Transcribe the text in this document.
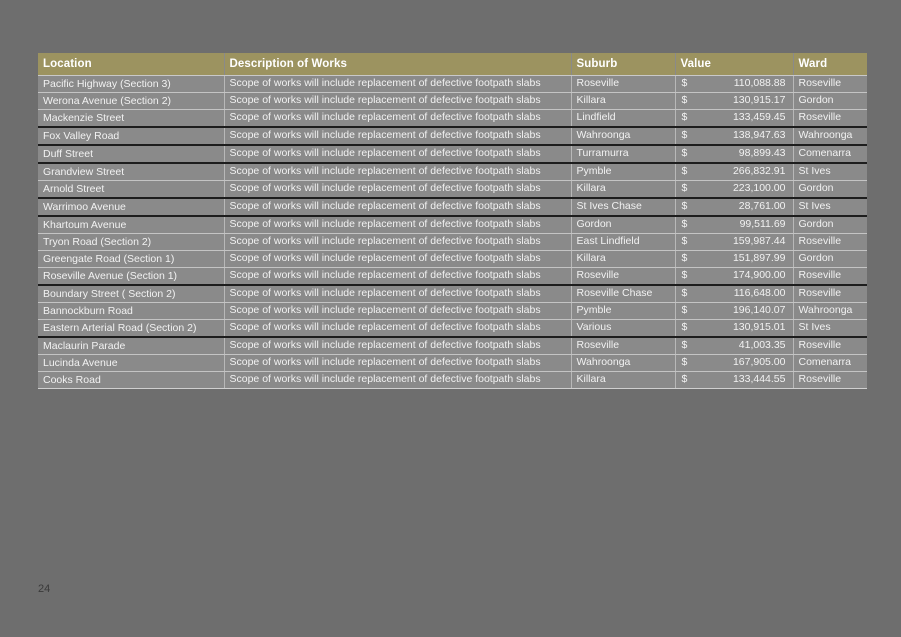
Location	Description of Works	Suburb	Value	Ward
Pacific Highway (Section 3)	Scope of works will include replacement of defective footpath slabs	Roseville	$ 110,088.88	Roseville
Werona Avenue (Section 2)	Scope of works will include replacement of defective footpath slabs	Killara	$ 130,915.17	Gordon
Mackenzie Street	Scope of works will include replacement of defective footpath slabs	Lindfield	$ 133,459.45	Roseville
Fox Valley Road	Scope of works will include replacement of defective footpath slabs	Wahroonga	$ 138,947.63	Wahroonga
Duff Street	Scope of works will include replacement of defective footpath slabs	Turramurra	$ 98,899.43	Comenarra
Grandview Street	Scope of works will include replacement of defective footpath slabs	Pymble	$ 266,832.91	St Ives
Arnold Street	Scope of works will include replacement of defective footpath slabs	Killara	$ 223,100.00	Gordon
Warrimoo Avenue	Scope of works will include replacement of defective footpath slabs	St Ives Chase	$ 28,761.00	St Ives
Khartoum Avenue	Scope of works will include replacement of defective footpath slabs	Gordon	$ 99,511.69	Gordon
Tryon Road (Section 2)	Scope of works will include replacement of defective footpath slabs	East Lindfield	$ 159,987.44	Roseville
Greengate Road (Section 1)	Scope of works will include replacement of defective footpath slabs	Killara	$ 151,897.99	Gordon
Roseville Avenue (Section 1)	Scope of works will include replacement of defective footpath slabs	Roseville	$ 174,900.00	Roseville
Boundary Street ( Section 2)	Scope of works will include replacement of defective footpath slabs	Roseville Chase	$ 116,648.00	Roseville
Bannockburn Road	Scope of works will include replacement of defective footpath slabs	Pymble	$ 196,140.07	Wahroonga
Eastern Arterial Road (Section 2)	Scope of works will include replacement of defective footpath slabs	Various	$ 130,915.01	St Ives
Maclaurin Parade	Scope of works will include replacement of defective footpath slabs	Roseville	$ 41,003.35	Roseville
Lucinda Avenue	Scope of works will include replacement of defective footpath slabs	Wahroonga	$ 167,905.00	Comenarra
Cooks Road	Scope of works will include replacement of defective footpath slabs	Killara	$ 133,444.55	Roseville
24
